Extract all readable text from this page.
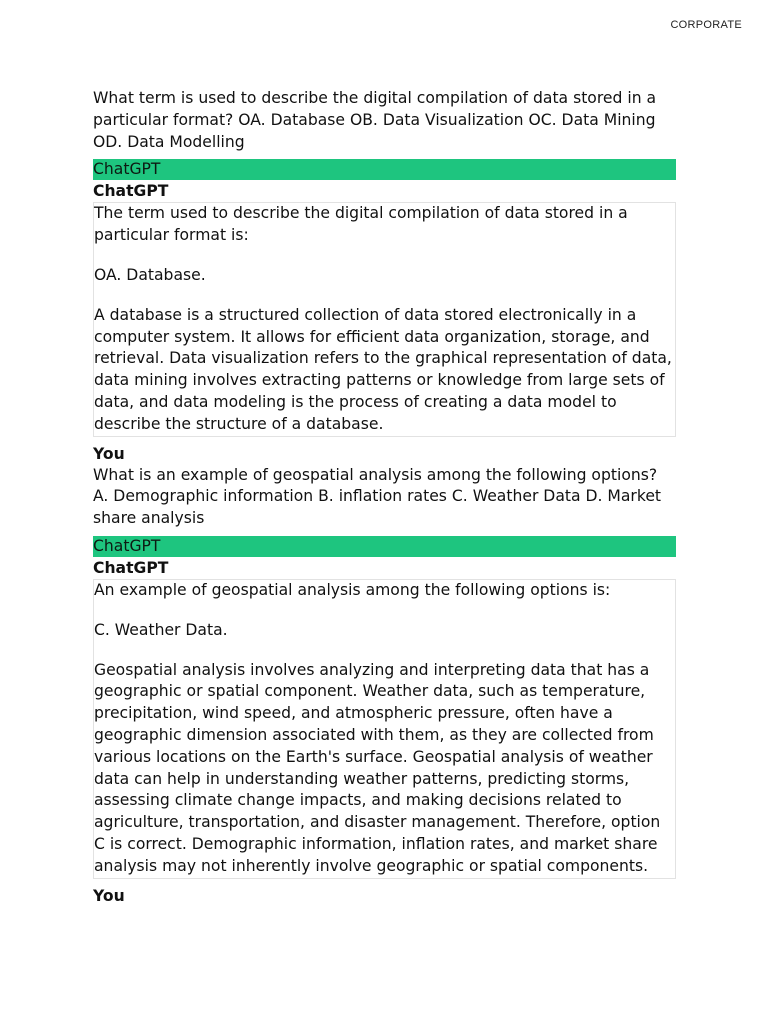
CORPORATE

What term is used to describe the digital compilation of data stored in a particular format? OA. Database OB. Data Visualization OC. Data Mining OD. Data Modelling

ChatGPT
ChatGPT

The term used to describe the digital compilation of data stored in a particular format is:

OA. Database.

A database is a structured collection of data stored electronically in a computer system. It allows for efficient data organization, storage, and retrieval. Data visualization refers to the graphical representation of data, data mining involves extracting patterns or knowledge from large sets of data, and data modeling is the process of creating a data model to describe the structure of a database.

You

What is an example of geospatial analysis among the following options? A. Demographic information B. inflation rates C. Weather Data D. Market share analysis

ChatGPT
ChatGPT

An example of geospatial analysis among the following options is:

C. Weather Data.

Geospatial analysis involves analyzing and interpreting data that has a geographic or spatial component. Weather data, such as temperature, precipitation, wind speed, and atmospheric pressure, often have a geographic dimension associated with them, as they are collected from various locations on the Earth's surface. Geospatial analysis of weather data can help in understanding weather patterns, predicting storms, assessing climate change impacts, and making decisions related to agriculture, transportation, and disaster management. Therefore, option C is correct. Demographic information, inflation rates, and market share analysis may not inherently involve geographic or spatial components.

You
